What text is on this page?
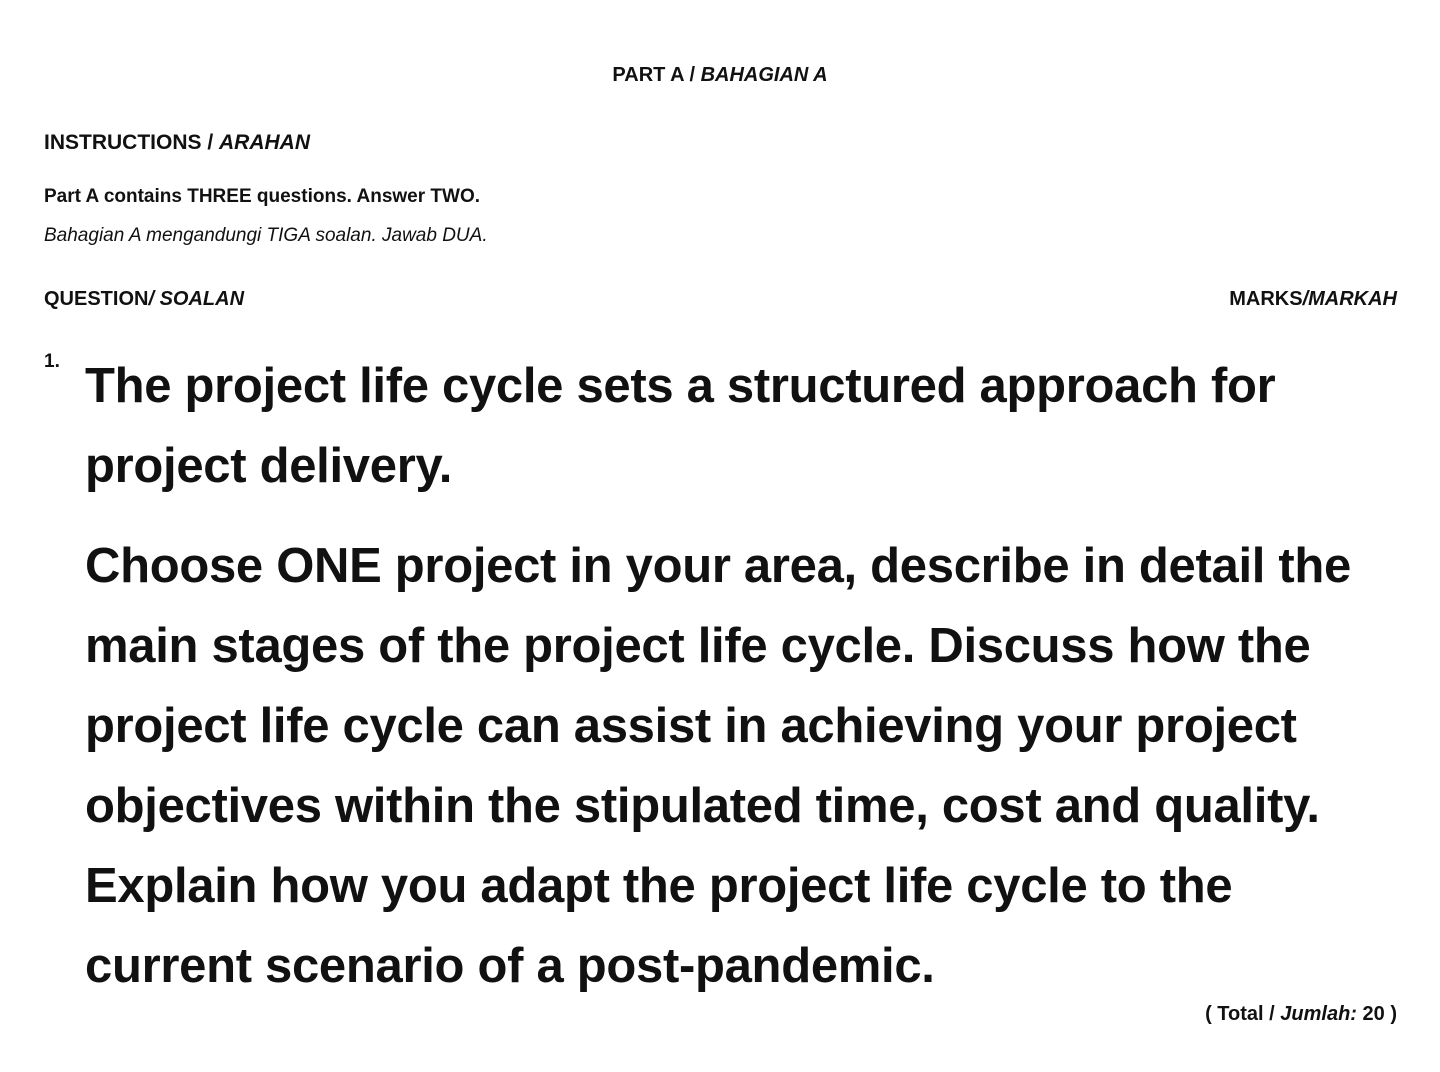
PART A / BAHAGIAN A
INSTRUCTIONS / ARAHAN
Part A contains THREE questions. Answer TWO.
Bahagian A mengandungi TIGA soalan. Jawab DUA.
QUESTION/ SOALAN	MARKS/MARKAH
1. The project life cycle sets a structured approach for project delivery.

Choose ONE project in your area, describe in detail the main stages of the project life cycle. Discuss how the project life cycle can assist in achieving your project objectives within the stipulated time, cost and quality. Explain how you adapt the project life cycle to the current scenario of a post-pandemic.

( Total / Jumlah: 20 )
